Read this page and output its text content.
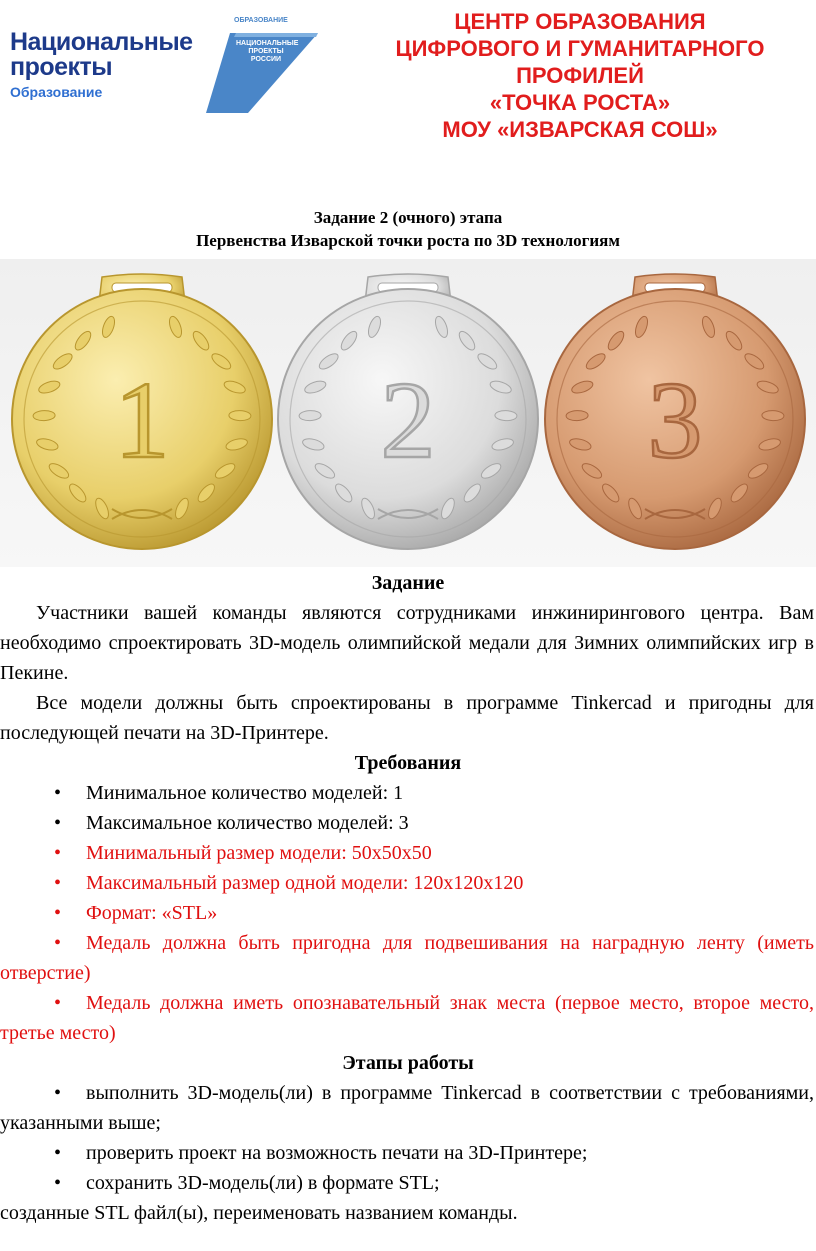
Национальные
проекты
Образование
ОБРАЗОВАНИЕ
НАЦИОНАЛЬНЫЕ
ПРОЕКТЫ
РОССИИ
ЦЕНТР ОБРАЗОВАНИЯ
ЦИФРОВОГО И ГУМАНИТАРНОГО
ПРОФИЛЕЙ
«ТОЧКА РОСТА»
МОУ «ИЗВАРСКАЯ СОШ»
Задание 2 (очного) этапа
Первенства Изварской точки роста по 3D технологиям
1 2 3
Задание

Участники вашей команды являются сотрудниками инжинирингового центра. Вам необходимо спроектировать 3D-модель олимпийской медали для Зимних олимпийских игр в Пекине.

Все модели должны быть спроектированы в программе Tinkercad и пригодны для последующей печати на 3D-Принтере.

Требования
• Минимальное количество моделей: 1
• Максимальное количество моделей: 3
• Минимальный размер модели: 50х50х50
• Максимальный размер одной модели: 120х120х120
• Формат: «STL»

• Медаль должна быть пригодна для подвешивания на наградную ленту (иметь отверстие)

• Медаль должна иметь опознавательный знак места (первое место, второе место, третье место)

Этапы работы

• выполнить 3D-модель(ли) в программе Tinkercad в соответствии с требованиями, указанными выше;

• проверить проект на возможность печати на 3D-Принтере;
• сохранить 3D-модель(ли) в формате STL;

созданные STL файл(ы), переименовать названием команды.
